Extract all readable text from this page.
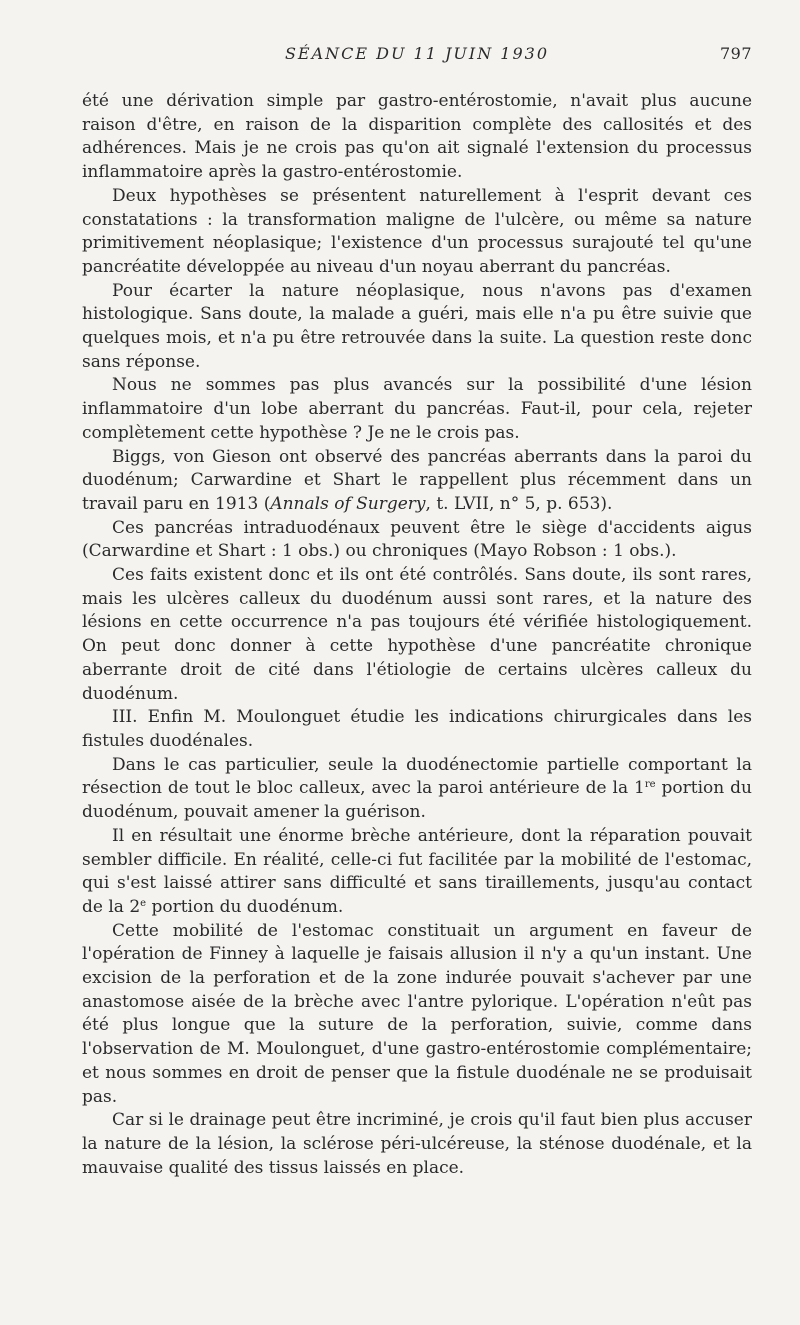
SÉANCE DU 11 JUIN 1930	797

été une dérivation simple par gastro-entérostomie, n'avait plus aucune raison d'être, en raison de la disparition complète des callosités et des adhérences. Mais je ne crois pas qu'on ait signalé l'extension du processus inflammatoire après la gastro-entérostomie.

Deux hypothèses se présentent naturellement à l'esprit devant ces constatations : la transformation maligne de l'ulcère, ou même sa nature primitivement néoplasique; l'existence d'un processus surajouté tel qu'une pancréatite développée au niveau d'un noyau aberrant du pancréas.

Pour écarter la nature néoplasique, nous n'avons pas d'examen histologique. Sans doute, la malade a guéri, mais elle n'a pu être suivie que quelques mois, et n'a pu être retrouvée dans la suite. La question reste donc sans réponse.

Nous ne sommes pas plus avancés sur la possibilité d'une lésion inflammatoire d'un lobe aberrant du pancréas. Faut-il, pour cela, rejeter complètement cette hypothèse ? Je ne le crois pas.

Biggs, von Gieson ont observé des pancréas aberrants dans la paroi du duodénum; Carwardine et Shart le rappellent plus récemment dans un travail paru en 1913 (Annals of Surgery, t. LVII, n° 5, p. 653).

Ces pancréas intraduodénaux peuvent être le siège d'accidents aigus (Carwardine et Shart : 1 obs.) ou chroniques (Mayo Robson : 1 obs.).

Ces faits existent donc et ils ont été contrôlés. Sans doute, ils sont rares, mais les ulcères calleux du duodénum aussi sont rares, et la nature des lésions en cette occurrence n'a pas toujours été vérifiée histologiquement. On peut donc donner à cette hypothèse d'une pancréatite chronique aberrante droit de cité dans l'étiologie de certains ulcères calleux du duodénum.

III. Enfin M. Moulonguet étudie les indications chirurgicales dans les fistules duodénales.

Dans le cas particulier, seule la duodénectomie partielle comportant la résection de tout le bloc calleux, avec la paroi antérieure de la 1re portion du duodénum, pouvait amener la guérison.

Il en résultait une énorme brèche antérieure, dont la réparation pouvait sembler difficile. En réalité, celle-ci fut facilitée par la mobilité de l'estomac, qui s'est laissé attirer sans difficulté et sans tiraillements, jusqu'au contact de la 2e portion du duodénum.

Cette mobilité de l'estomac constituait un argument en faveur de l'opération de Finney à laquelle je faisais allusion il n'y a qu'un instant. Une excision de la perforation et de la zone indurée pouvait s'achever par une anastomose aisée de la brèche avec l'antre pylorique. L'opération n'eût pas été plus longue que la suture de la perforation, suivie, comme dans l'observation de M. Moulonguet, d'une gastro-entérostomie complémentaire; et nous sommes en droit de penser que la fistule duodénale ne se produisait pas.

Car si le drainage peut être incriminé, je crois qu'il faut bien plus accuser la nature de la lésion, la sclérose péri-ulcéreuse, la sténose duodénale, et la mauvaise qualité des tissus laissés en place.
